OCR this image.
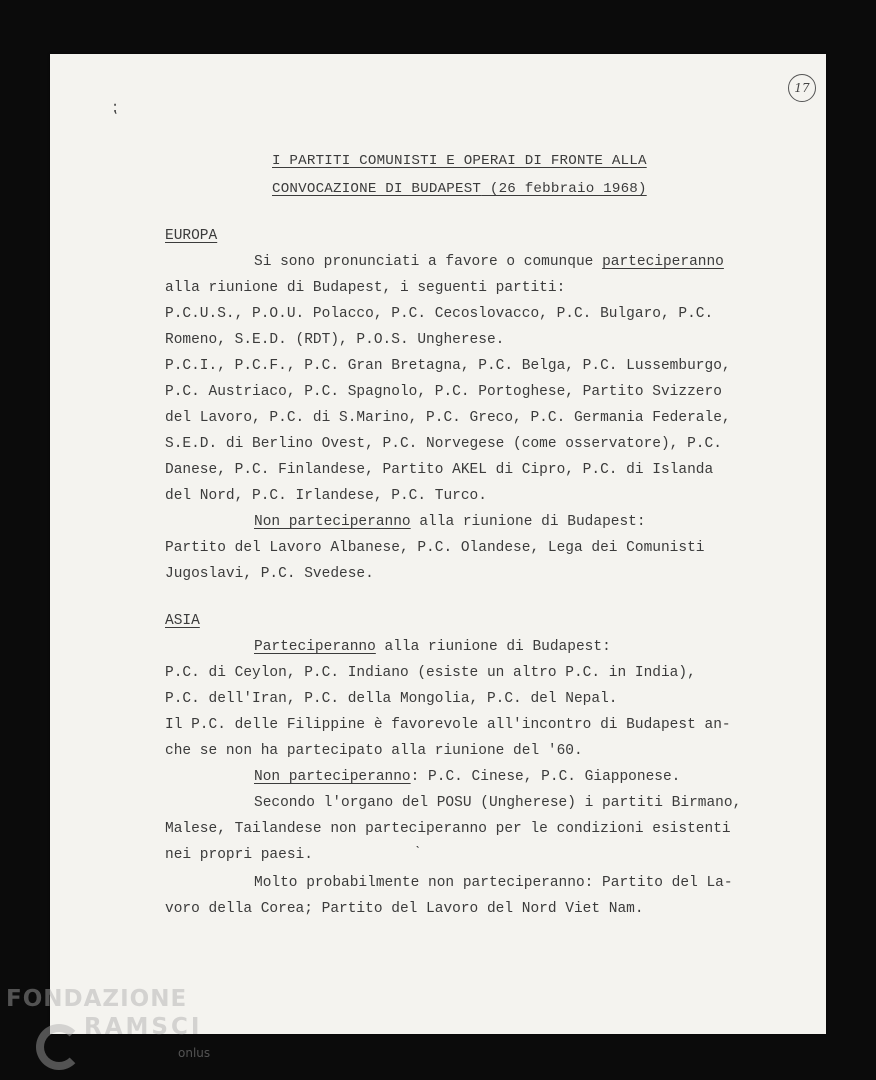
17
⁏
I PARTITI COMUNISTI E OPERAI DI FRONTE ALLA
CONVOCAZIONE DI BUDAPEST (26 febbraio 1968)
EUROPA
Si sono pronunciati a favore o comunque parteciperanno
alla riunione di Budapest, i seguenti partiti:
P.C.U.S., P.O.U. Polacco, P.C. Cecoslovacco, P.C. Bulgaro, P.C.
Romeno, S.E.D. (RDT), P.O.S. Ungherese.
P.C.I., P.C.F., P.C. Gran Bretagna, P.C. Belga, P.C. Lussemburgo,
P.C. Austriaco, P.C. Spagnolo, P.C. Portoghese, Partito Svizzero
del Lavoro, P.C. di S.Marino, P.C. Greco, P.C. Germania Federale,
S.E.D. di Berlino Ovest, P.C. Norvegese (come osservatore), P.C.
Danese, P.C. Finlandese, Partito AKEL di Cipro, P.C. di Islanda
del Nord, P.C. Irlandese, P.C. Turco.
Non parteciperanno alla riunione di Budapest:
Partito del Lavoro Albanese, P.C. Olandese, Lega dei Comunisti
Jugoslavi, P.C. Svedese.
ASIA
Parteciperanno alla riunione di Budapest:
P.C. di Ceylon, P.C. Indiano (esiste un altro P.C. in India),
P.C. dell'Iran, P.C. della Mongolia, P.C. del Nepal.
Il P.C. delle Filippine è favorevole all'incontro di Budapest an-
che se non ha partecipato alla riunione del '60.
Non parteciperanno: P.C. Cinese, P.C. Giapponese.
Secondo l'organo del POSU (Ungherese) i partiti Birmano,
Malese, Tailandese non parteciperanno per le condizioni esistenti
nei propri paesi.	ˋ
Molto probabilmente non parteciperanno: Partito del La-
voro della Corea; Partito del Lavoro del Nord Viet Nam.
FONDAZIONE
RAMSCI
onlus
